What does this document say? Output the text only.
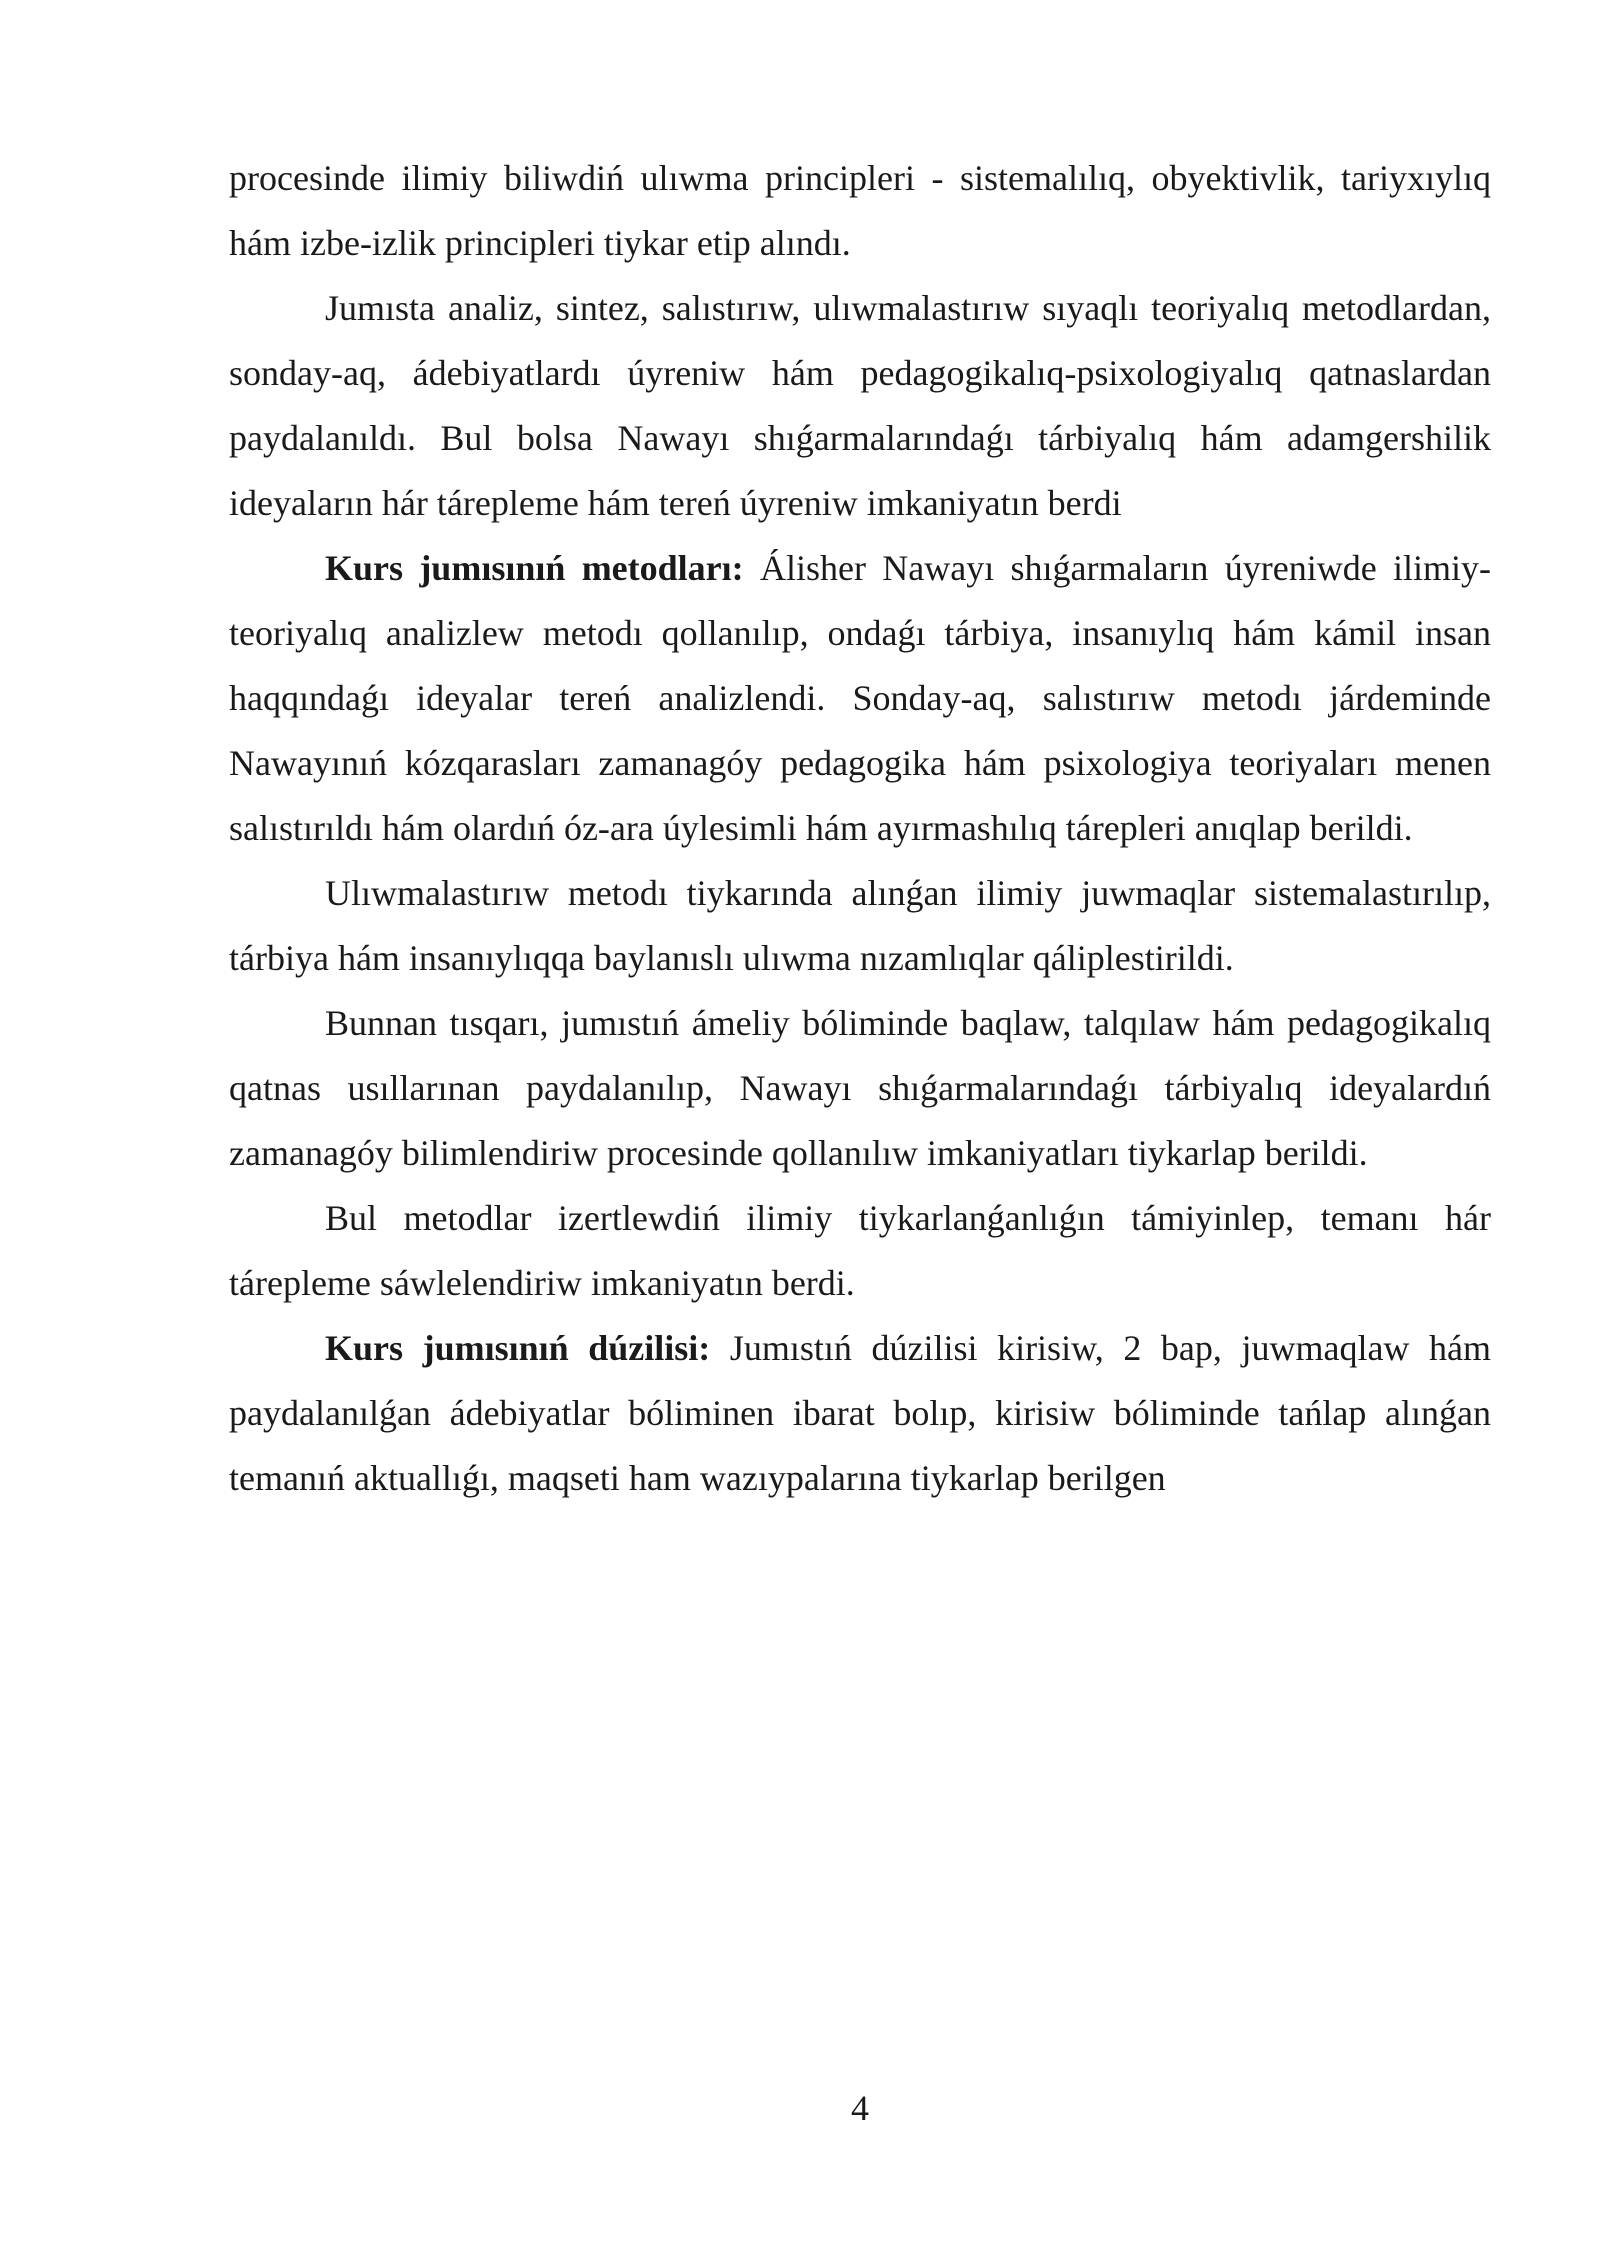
procesinde ilimiy biliwdiń ulıwma principleri - sistemalılıq, obyektivlik, tariyxıylıq hám izbe-izlik principleri tiykar etip alındı.

Jumısta analiz, sintez, salıstırıw, ulıwmalastırıw sıyaqlı teoriyalıq metodlardan, sonday-aq, ádebiyatlardı úyreniw hám pedagogikalıq-psixologiyalıq qatnaslardan paydalanıldı. Bul bolsa Nawayı shıǵarmalarındaǵı tárbiyalıq hám adamgershilik ideyaların hár tárepleme hám tereń úyreniw imkaniyatın berdi

Kurs jumısınıń metodları: Álisher Nawayı shıǵarmaların úyreniwde ilimiy-teoriyalıq analizlew metodı qollanılıp, ondaǵı tárbiya, insanıylıq hám kámil insan haqqındaǵı ideyalar tereń analizlendi. Sonday-aq, salıstırıw metodı járdeminde Nawayınıń kózqarasları zamanagóy pedagogika hám psixologiya teoriyaları menen salıstırıldı hám olardıń óz-ara úylesimli hám ayırmashılıq tárepleri anıqlap berildi.

Ulıwmalastırıw metodı tiykarında alınǵan ilimiy juwmaqlar sistemalastırılıp, tárbiya hám insanıylıqqa baylanıslı ulıwma nızamlıqlar qáliplestirildi.

Bunnan tısqarı, jumıstıń ámeliy bóliminde baqlaw, talqılaw hám pedagogikalıq qatnas usıllarınan paydalanılıp, Nawayı shıǵarmalarındaǵı tárbiyalıq ideyalardıń zamanagóy bilimlendiriw procesinde qollanılıw imkaniyatları tiykarlap berildi.

Bul metodlar izertlewdiń ilimiy tiykarlanǵanlıǵın támiyinlep, temanı hár tárepleme sáwlelendiriw imkaniyatın berdi.

Kurs jumısınıń dúzilisi: Jumıstıń dúzilisi kirisiw, 2 bap, juwmaqlaw hám paydalanılǵan ádebiyatlar bóliminen ibarat bolıp, kirisiw bóliminde tańlap alınǵan temanıń aktuallıǵı, maqseti ham wazıypalarına tiykarlap berilgen

4
